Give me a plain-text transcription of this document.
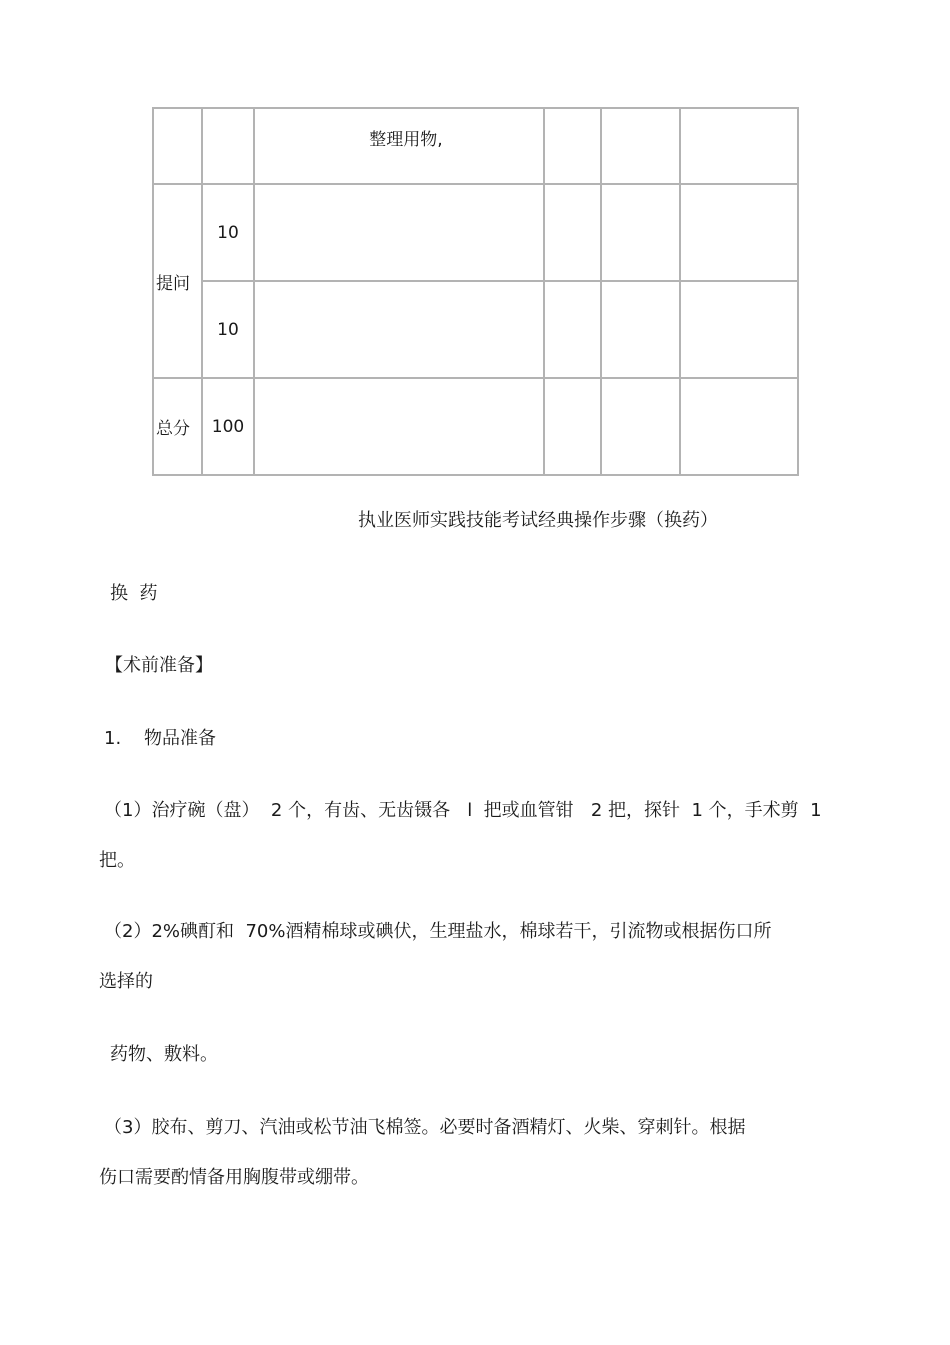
		整理用物,			
提问	10				
	10				
总分	100				
执业医师实践技能考试经典操作步骤（换药）
换  药
【术前准备】
1.    物品准备
（1）治疗碗（盘）  2 个，有齿、无齿镊各   l  把或血管钳   2 把，探针  1 个，手术剪  1
把。
（2）2%碘酊和  70%酒精棉球或碘伏，生理盐水，棉球若干，引流物或根据伤口所
选择的
药物、敷料。
（3）胶布、剪刀、汽油或松节油飞棉签。必要时备酒精灯、火柴、穿刺针。根据
伤口需要酌情备用胸腹带或绷带。
